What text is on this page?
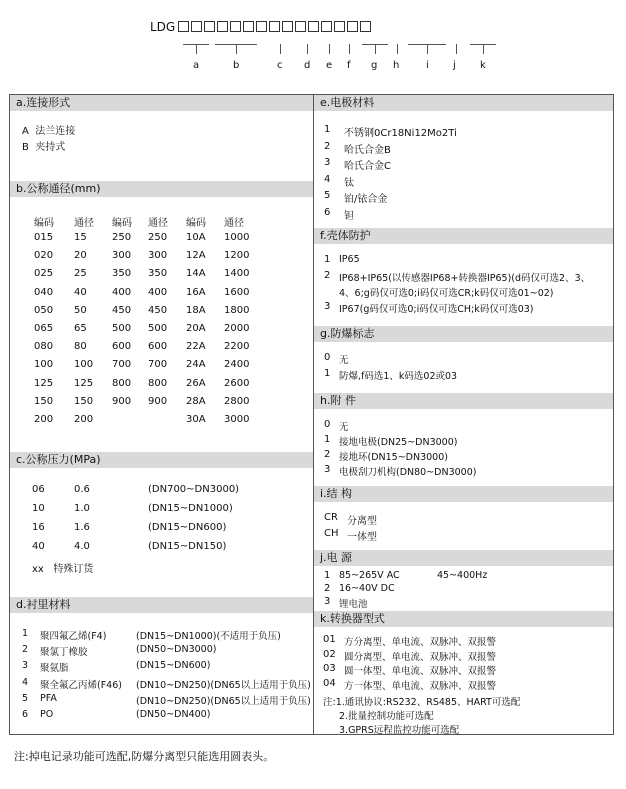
LDG
a	b	c d e f g h	i j k
a.连接形式
A 法兰连接
B 夹持式
b.公称通径(mm)
编码 通径 编码 通径 编码 通径
015 15	250 250 10A 1000
020 20	300 300 12A 1200
025 25	350 350 14A 1400
040 40	400 400 16A 1600
050 50	450 450 18A 1800
065 65	500 500 20A 2000
080 80	600 600 22A 2200
100 100 700 700 24A 2400
125 125 800 800 26A 2600
150 150 900 900 28A 2800
200 200	30A 3000
c.公称压力(MPa)
06	0.6	(DN700~DN3000)
10	1.0	(DN15~DN1000)
16	1.6	(DN15~DN600)
40	4.0	(DN15~DN150)
xx 特殊订货
d.衬里材料
1 聚四氟乙烯(F4)	(DN15~DN1000)(不适用于负压)
2 聚氯丁橡胶	(DN50~DN3000)
3 聚氨脂	(DN15~DN600)
4 聚全氟乙丙烯(F46) (DN10~DN250)(DN65以上适用于负压)
5 PFA	(DN10~DN250)(DN65以上适用于负压)
6 PO	(DN50~DN400)
e.电极材料
1 不锈钢0Cr18Ni12Mo2Ti
2 哈氏合金B
3 哈氏合金C
4 钛
5 铂/铱合金
6 钽
f.壳体防护
1 IP65
2 IP68+IP65(以传感器IP68+转换器IP65)(d码仅可选2、3、
4、6;g码仅可选0;i码仅可选CR;k码仅可选01~02)
3 IP67(g码仅可选0;i码仅可选CH;k码仅可选03)
g.防爆标志
0 无
1 防爆,f码选1、k码选02或03
h.附 件
0 无
1 接地电极(DN25~DN3000)
2 接地环(DN15~DN3000)
3 电极刮刀机构(DN80~DN3000)
i.结 构
CR 分离型
CH 一体型
j.电 源
1 85~265V AC	45~400Hz
2 16~40V DC
3 锂电池
k.转换器型式
01 方分离型、单电流、双脉冲、双报警
02 圆分离型、单电流、双脉冲、双报警
03 圆一体型、单电流、双脉冲、双报警
04 方一体型、单电流、双脉冲、双报警
注:1.通讯协议:RS232、RS485、HART可选配
2.批量控制功能可选配
3.GPRS远程监控功能可选配
注:掉电记录功能可选配,防爆分离型只能选用圆表头。
